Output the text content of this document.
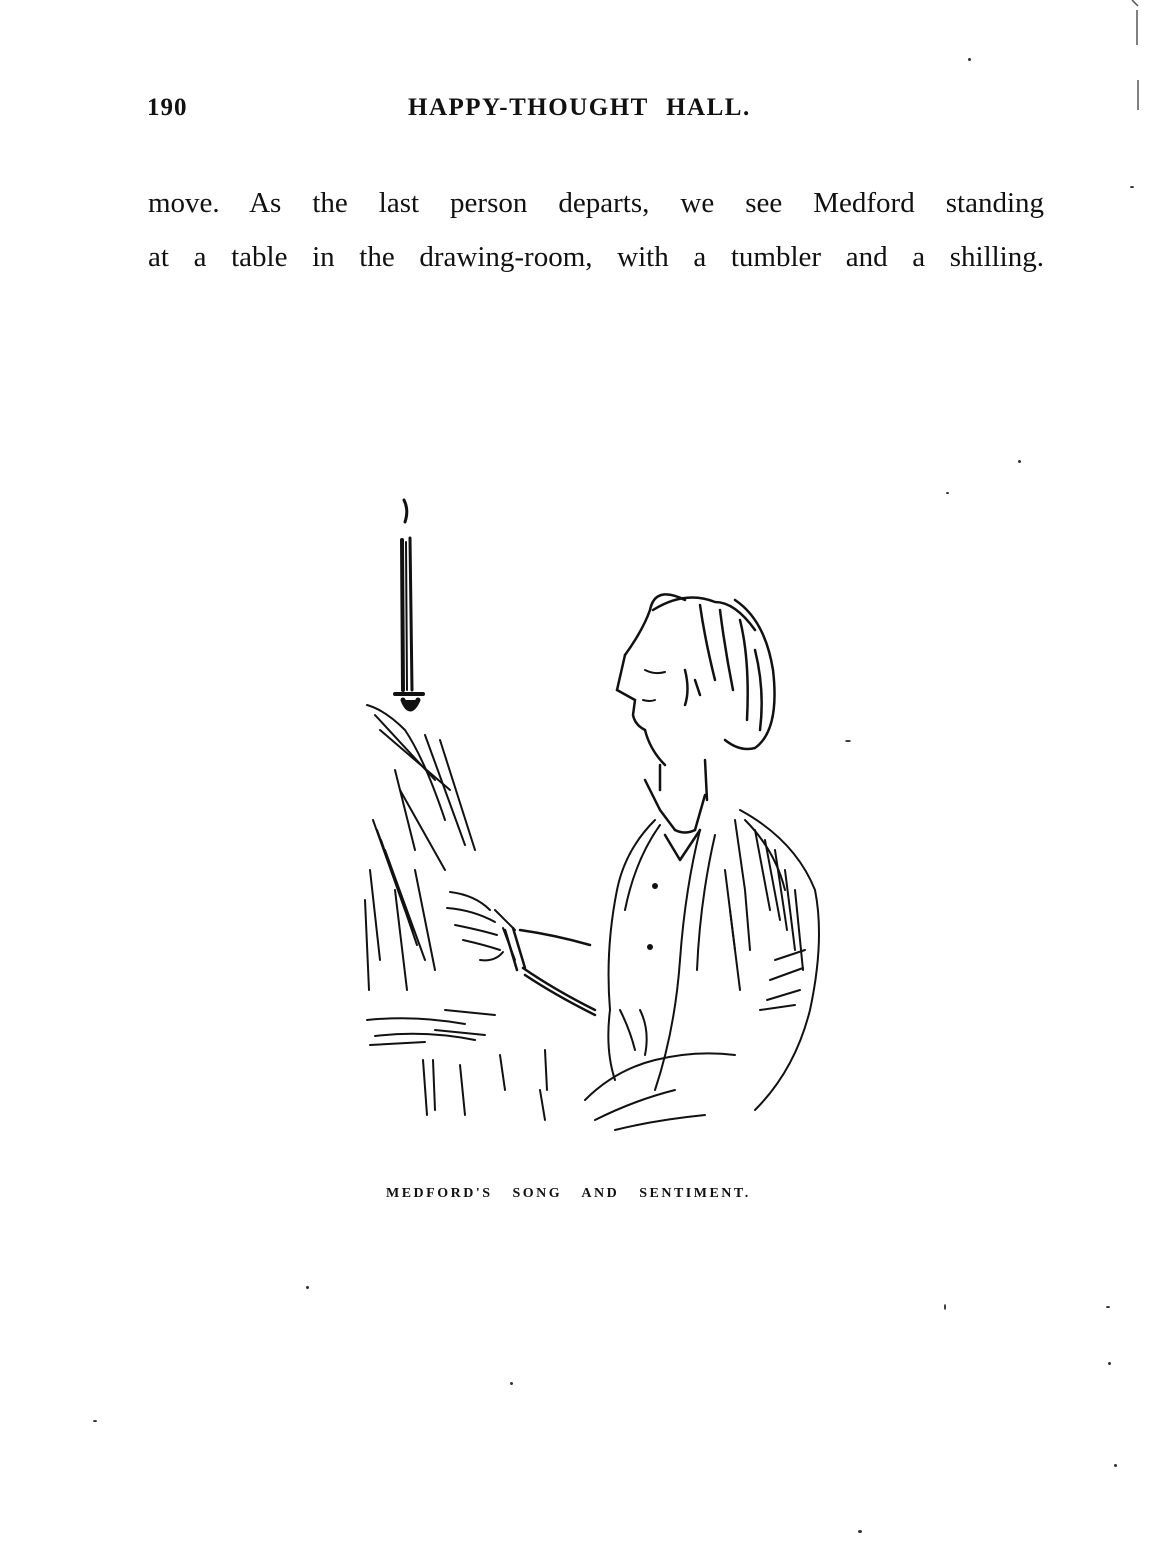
190	HAPPY-THOUGHT HALL.
move. As the last person departs, we see Medford standing
at a table in the drawing-room, with a tumbler and a shilling.
MEDFORD'S SONG AND SENTIMENT.
